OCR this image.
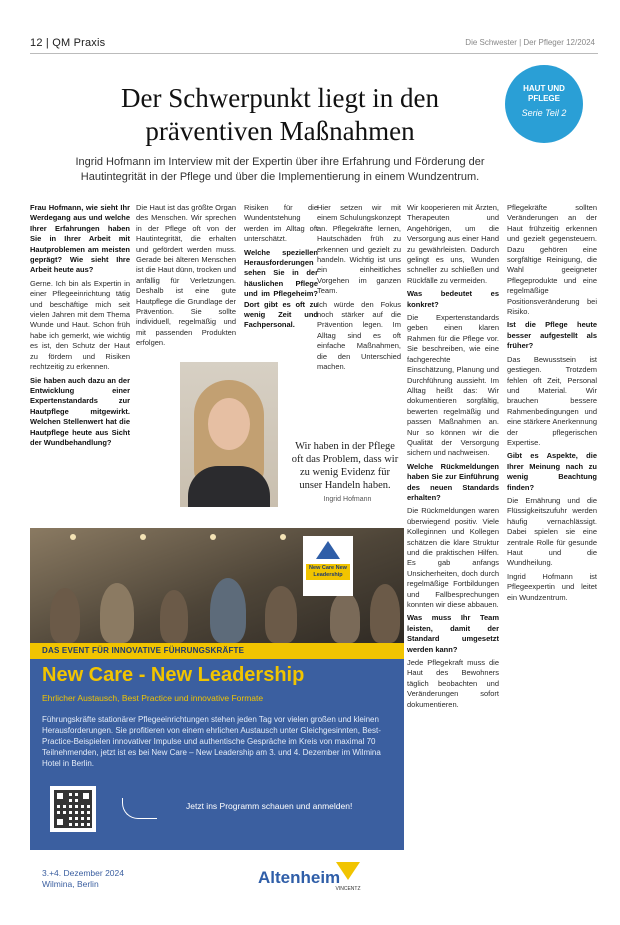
12 | QM Praxis	Die Schwester | Der Pfleger 12/2024
HAUT UND
PFLEGE
Serie Teil 2
Der Schwerpunkt liegt in den präventiven Maßnahmen
Ingrid Hofmann im Interview mit der Expertin über ihre Erfahrung und Förderung der Hautintegrität in der Pflege und über die Implementierung in einem Wundzentrum.

Frau Hofmann, wie sieht Ihr Werdegang aus und welche Ihrer Erfahrungen haben Sie in Ihrer Arbeit mit Hautproblemen am meisten geprägt? Wie sieht Ihre Arbeit heute aus?

Gerne. Ich bin als Expertin in einer Pflegeeinrichtung tätig und beschäftige mich seit vielen Jahren mit dem Thema Wunde und Haut. Schon früh habe ich gemerkt, wie wichtig es ist, den Schutz der Haut zu fördern und Risiken rechtzeitig zu erkennen.

Sie haben auch dazu an der Entwicklung einer Expertenstandards zur Hautpflege mitgewirkt. Welchen Stellenwert hat die Hautpflege heute aus Sicht der Wundbehandlung?

Die Haut ist das größte Organ des Menschen. Wir sprechen in der Pflege oft von der Hautintegrität, die erhalten und gefördert werden muss. Gerade bei älteren Menschen ist die Haut dünn, trocken und anfällig für Verletzungen. Deshalb ist eine gute Hautpflege die Grundlage der Prävention. Sie sollte individuell, regelmäßig und mit passenden Produkten erfolgen.

Risiken für die Wundentstehung werden im Alltag oft unterschätzt.

Welche speziellen Herausforderungen sehen Sie in der häuslichen Pflege und im Pflegeheim? Dort gibt es oft zu wenig Zeit und Fachpersonal.

Hier setzen wir mit einem Schulungskonzept an. Pflegekräfte lernen, Hautschäden früh zu erkennen und gezielt zu handeln. Wichtig ist uns ein einheitliches Vorgehen im ganzen Team.

Ich würde den Fokus noch stärker auf die Prävention legen. Im Alltag sind es oft einfache Maßnahmen, die den Unterschied machen.

Wir kooperieren mit Ärzten, Therapeuten und Angehörigen, um die Versorgung aus einer Hand zu gewährleisten. Dadurch gelingt es uns, Wunden schneller zu schließen und Rückfälle zu vermeiden.

Was bedeutet es konkret?

Die Expertenstandards geben einen klaren Rahmen für die Pflege vor. Sie beschreiben, wie eine fachgerechte Einschätzung, Planung und Durchführung aussieht. Im Alltag heißt das: Wir dokumentieren sorgfältig, bewerten regelmäßig und passen Maßnahmen an. Nur so können wir die Qualität der Versorgung sichern und nachweisen.

Welche Rückmeldungen haben Sie zur Einführung des neuen Standards erhalten?

Die Rückmeldungen waren überwiegend positiv. Viele Kolleginnen und Kollegen schätzen die klare Struktur und die praktischen Hilfen. Es gab anfangs Unsicherheiten, doch durch regelmäßige Fortbildungen und Fallbesprechungen konnten wir diese abbauen.

Was muss Ihr Team leisten, damit der Standard umgesetzt werden kann?

Jede Pflegekraft muss die Haut des Bewohners täglich beobachten und Veränderungen sofort dokumentieren.

Pflegekräfte sollten Veränderungen an der Haut frühzeitig erkennen und gezielt gegensteuern. Dazu gehören eine sorgfältige Reinigung, die Wahl geeigneter Pflegeprodukte und eine regelmäßige Positionsveränderung bei Risiko.

Ist die Pflege heute besser aufgestellt als früher?

Das Bewusstsein ist gestiegen. Trotzdem fehlen oft Zeit, Personal und Material. Wir brauchen bessere Rahmenbedingungen und eine stärkere Anerkennung der pflegerischen Expertise.

Gibt es Aspekte, die Ihrer Meinung nach zu wenig Beachtung finden?

Die Ernährung und die Flüssigkeitszufuhr werden häufig vernachlässigt. Dabei spielen sie eine zentrale Rolle für gesunde Haut und die Wundheilung.

Ingrid Hofmann ist Pflegeexpertin und leitet ein Wundzentrum.

Wir haben in der Pflege oft das Problem, dass wir zu wenig Evidenz für unser Handeln haben.
Ingrid Hofmann
New Care New Leadership
DAS EVENT FÜR INNOVATIVE FÜHRUNGSKRÄFTE
New Care - New Leadership
Ehrlicher Austausch, Best Practice und innovative Formate
Führungskräfte stationärer Pflegeeinrichtungen stehen jeden Tag vor vielen großen und kleinen Herausforderungen. Sie profitieren von einem ehrlichen Austausch unter Gleichgesinnten, Best-Practice-Beispielen innovativer Impulse und authentische Gespräche im Kreis von maximal 70 Teilnehmenden, jetzt ist es bei New Care – New Leadership am 3. und 4. Dezember im Wilmina Hotel in Berlin.
Jetzt ins Programm schauen und anmelden!
3.+4. Dezember 2024
Wilmina, Berlin	Altenheim
VINCENTZ
